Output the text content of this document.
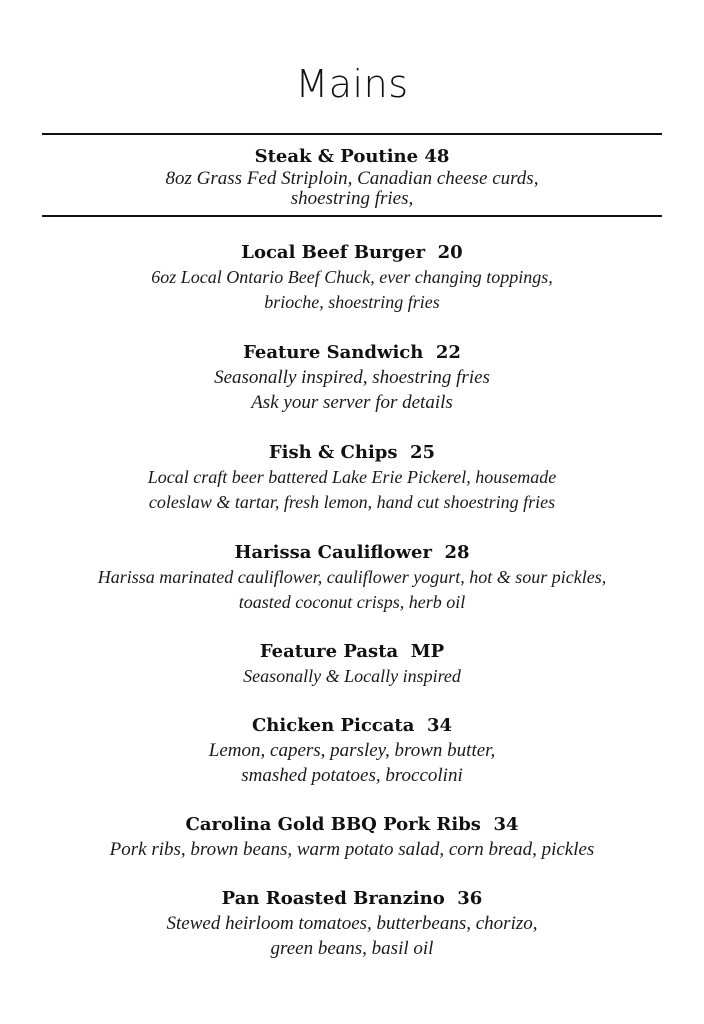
Mains
Steak & Poutine 48
8oz Grass Fed Striploin, Canadian cheese curds,
shoestring fries,
Local Beef Burger  20
6oz Local Ontario Beef Chuck, ever changing toppings,
brioche, shoestring fries
Feature Sandwich  22
Seasonally inspired, shoestring fries
Ask your server for details
Fish & Chips  25
Local craft beer battered Lake Erie Pickerel, housemade
coleslaw & tartar, fresh lemon, hand cut shoestring fries
Harissa Cauliflower  28
Harissa marinated cauliflower, cauliflower yogurt, hot & sour pickles,
toasted coconut crisps, herb oil
Feature Pasta  MP
Seasonally & Locally inspired
Chicken Piccata  34
Lemon, capers, parsley, brown butter,
smashed potatoes, broccolini
Carolina Gold BBQ Pork Ribs  34
Pork ribs, brown beans, warm potato salad, corn bread, pickles
Pan Roasted Branzino  36
Stewed heirloom tomatoes, butterbeans, chorizo,
green beans, basil oil
